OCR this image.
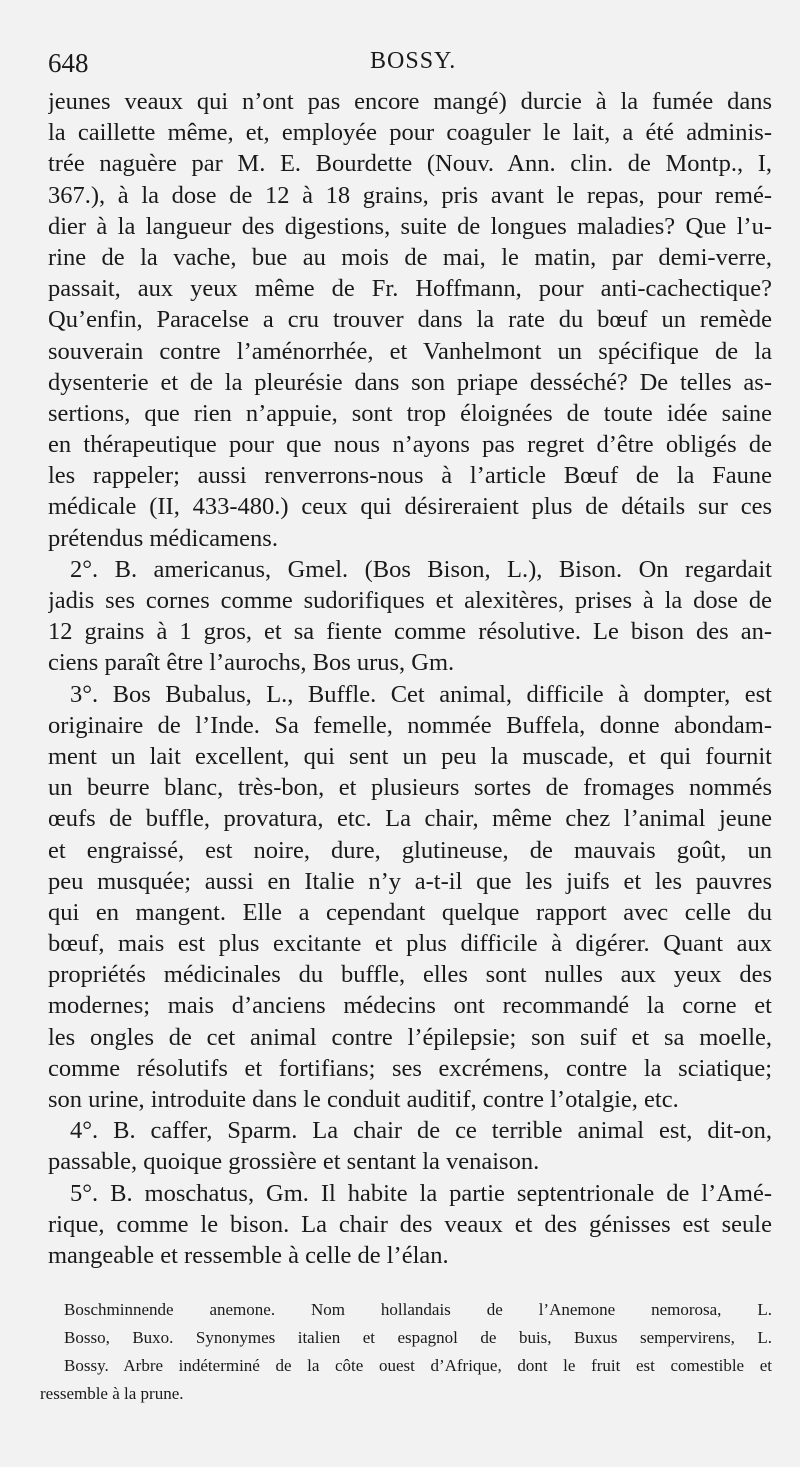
648	BOSSY.
jeunes veaux qui n’ont pas encore mangé) durcie à la fumée dans
la caillette même, et, employée pour coaguler le lait, a été adminis-
trée naguère par M. E. Bourdette (Nouv. Ann. clin. de Montp., I,
367.), à la dose de 12 à 18 grains, pris avant le repas, pour remé-
dier à la langueur des digestions, suite de longues maladies? Que l’u-
rine de la vache, bue au mois de mai, le matin, par demi-verre,
passait, aux yeux même de Fr. Hoffmann, pour anti-cachectique?
Qu’enfin, Paracelse a cru trouver dans la rate du bœuf un remède
souverain contre l’aménorrhée, et Vanhelmont un spécifique de la
dysenterie et de la pleurésie dans son priape desséché? De telles as-
sertions, que rien n’appuie, sont trop éloignées de toute idée saine
en thérapeutique pour que nous n’ayons pas regret d’être obligés de
les rappeler; aussi renverrons-nous à l’article Bœuf de la Faune
médicale (II, 433-480.) ceux qui désireraient plus de détails sur ces
prétendus médicamens.
2°. B. americanus, Gmel. (Bos Bison, L.), Bison. On regardait
jadis ses cornes comme sudorifiques et alexitères, prises à la dose de
12 grains à 1 gros, et sa fiente comme résolutive. Le bison des an-
ciens paraît être l’aurochs, Bos urus, Gm.
3°. Bos Bubalus, L., Buffle. Cet animal, difficile à dompter, est
originaire de l’Inde. Sa femelle, nommée Buffela, donne abondam-
ment un lait excellent, qui sent un peu la muscade, et qui fournit
un beurre blanc, très-bon, et plusieurs sortes de fromages nommés
œufs de buffle, provatura, etc. La chair, même chez l’animal jeune
et engraissé, est noire, dure, glutineuse, de mauvais goût, un
peu musquée; aussi en Italie n’y a-t-il que les juifs et les pauvres
qui en mangent. Elle a cependant quelque rapport avec celle du
bœuf, mais est plus excitante et plus difficile à digérer. Quant aux
propriétés médicinales du buffle, elles sont nulles aux yeux des
modernes; mais d’anciens médecins ont recommandé la corne et
les ongles de cet animal contre l’épilepsie; son suif et sa moelle,
comme résolutifs et fortifians; ses excrémens, contre la sciatique;
son urine, introduite dans le conduit auditif, contre l’otalgie, etc.
4°. B. caffer, Sparm. La chair de ce terrible animal est, dit-on,
passable, quoique grossière et sentant la venaison.
5°. B. moschatus, Gm. Il habite la partie septentrionale de l’Amé-
rique, comme le bison. La chair des veaux et des génisses est seule
mangeable et ressemble à celle de l’élan.
Boschminnende anemone. Nom hollandais de l’Anemone nemorosa, L.
Bosso, Buxo. Synonymes italien et espagnol de buis, Buxus sempervirens, L.
Bossy. Arbre indéterminé de la côte ouest d’Afrique, dont le fruit est comestible et
ressemble à la prune.
